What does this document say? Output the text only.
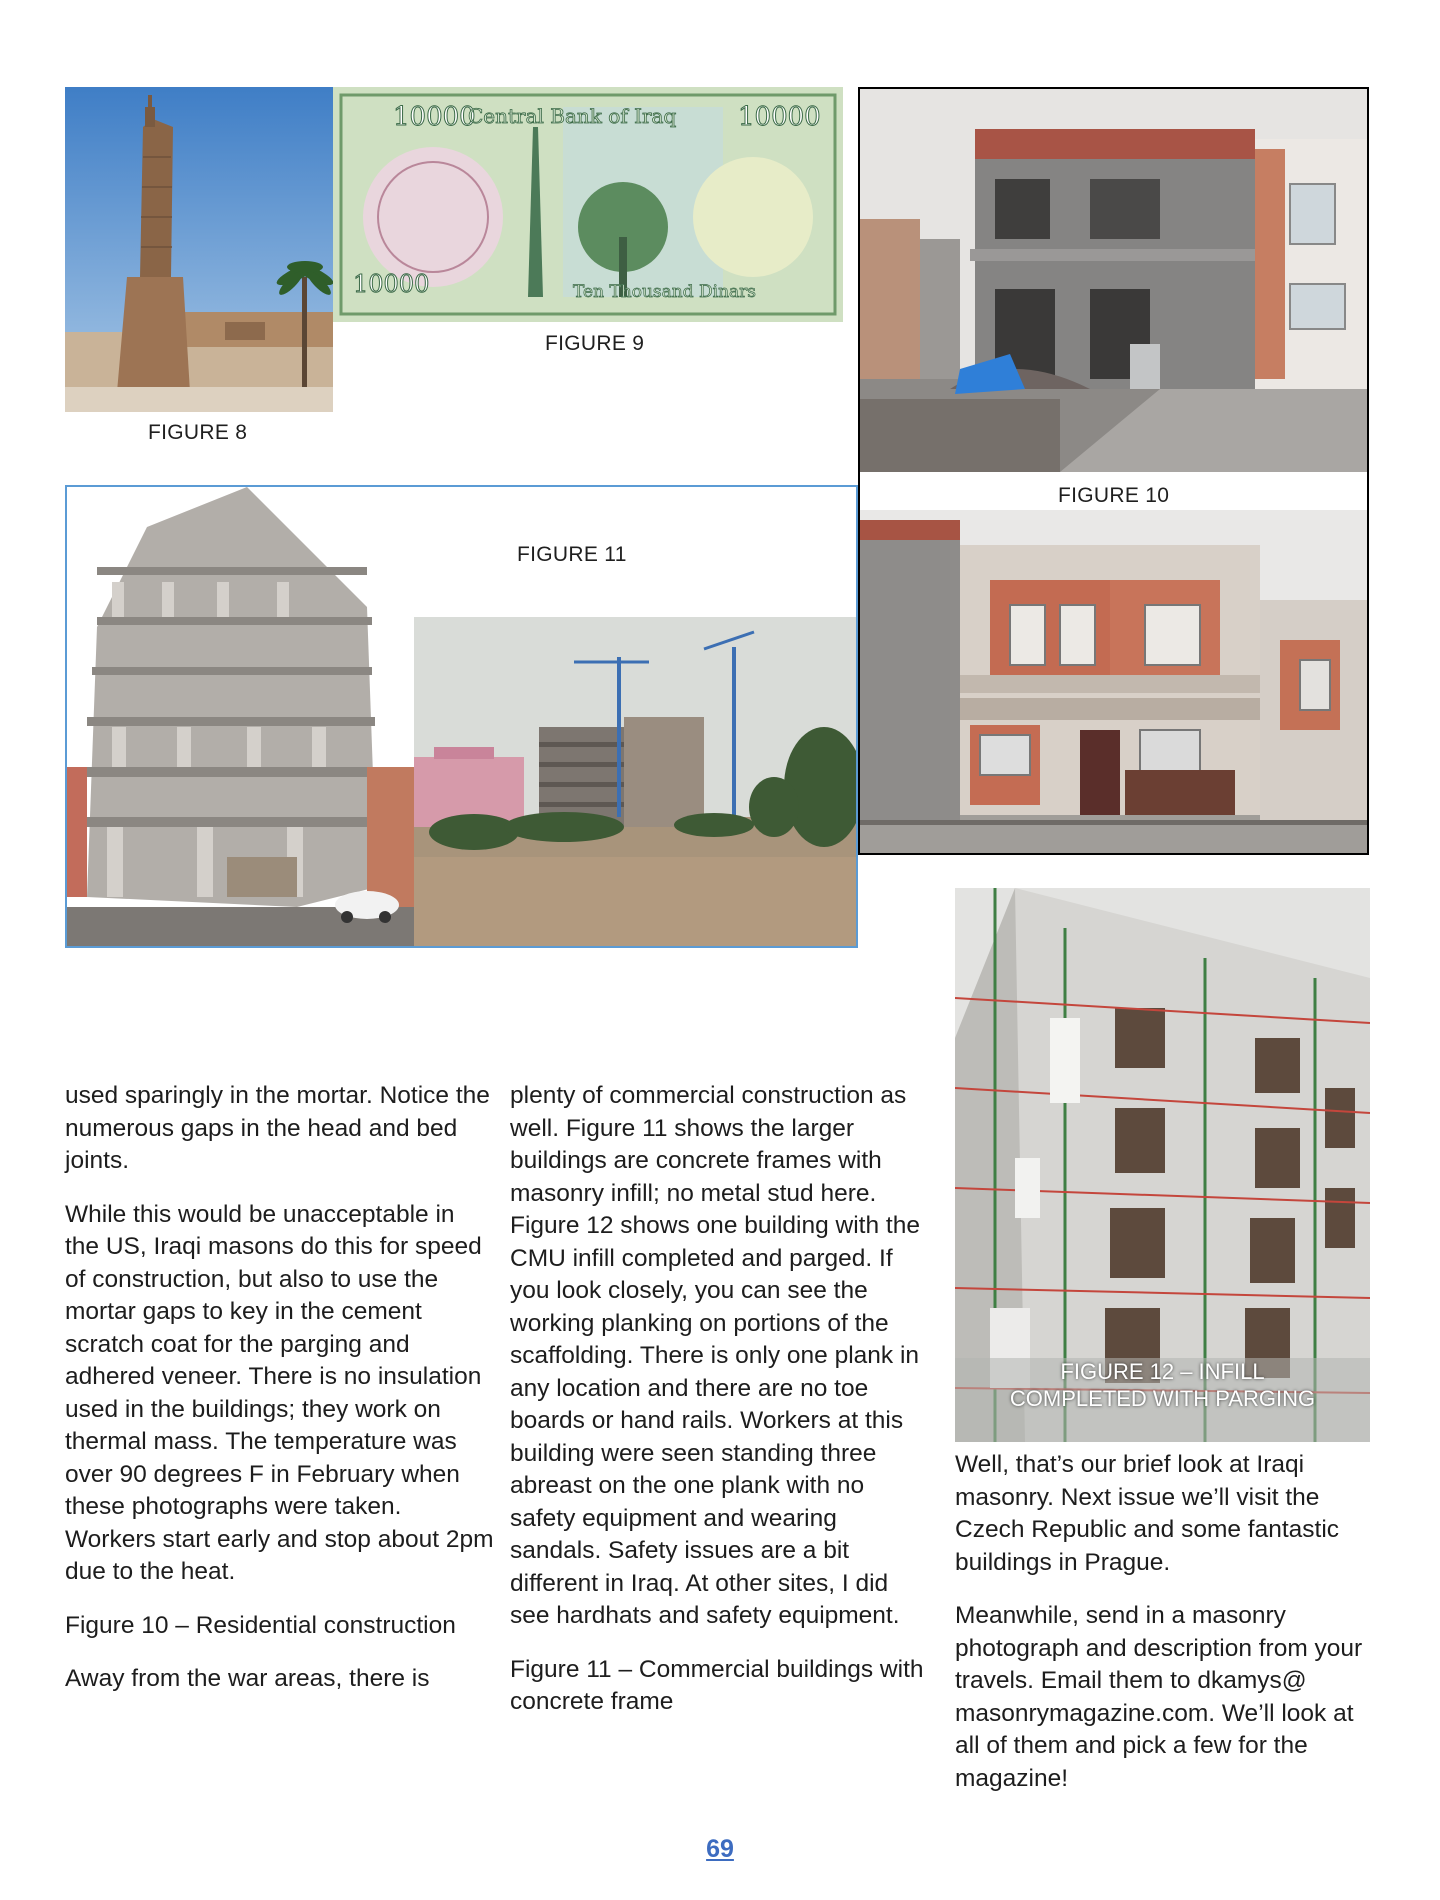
FIGURE 8
10000	10000
10000
Central Bank of Iraq
Ten Thousand Dinars
FIGURE 9
FIGURE 10
FIGURE 11
FIGURE 12 – INFILL
COMPLETED WITH PARGING

used sparingly in the mortar. Notice the numerous gaps in the head and bed joints.

While this would be unacceptable in the US, Iraqi masons do this for speed of construction, but also to use the mortar gaps to key in the cement scratch coat for the parging and adhered veneer. There is no insulation used in the buildings; they work on thermal mass. The temperature was over 90 degrees F in February when these photographs were taken. Workers start early and stop about 2pm due to the heat.

Figure 10 – Residential construction

Away from the war areas, there is

plenty of commercial construction as well. Figure 11 shows the larger buildings are concrete frames with masonry infill; no metal stud here. Figure 12 shows one building with the CMU infill completed and parged. If you look closely, you can see the working planking on portions of the scaffolding. There is only one plank in any location and there are no toe boards or hand rails. Workers at this building were seen standing three abreast on the one plank with no safety equipment and wearing sandals. Safety issues are a bit different in Iraq. At other sites, I did see hardhats and safety equipment.

Figure 11 – Commercial buildings with concrete frame

Well, that’s our brief look at Iraqi masonry. Next issue we’ll visit the Czech Republic and some fantastic buildings in Prague.

Meanwhile, send in a masonry photograph and description from your travels. Email them to dkamys@ masonrymagazine.com. We’ll look at all of them and pick a few for the magazine!

69
